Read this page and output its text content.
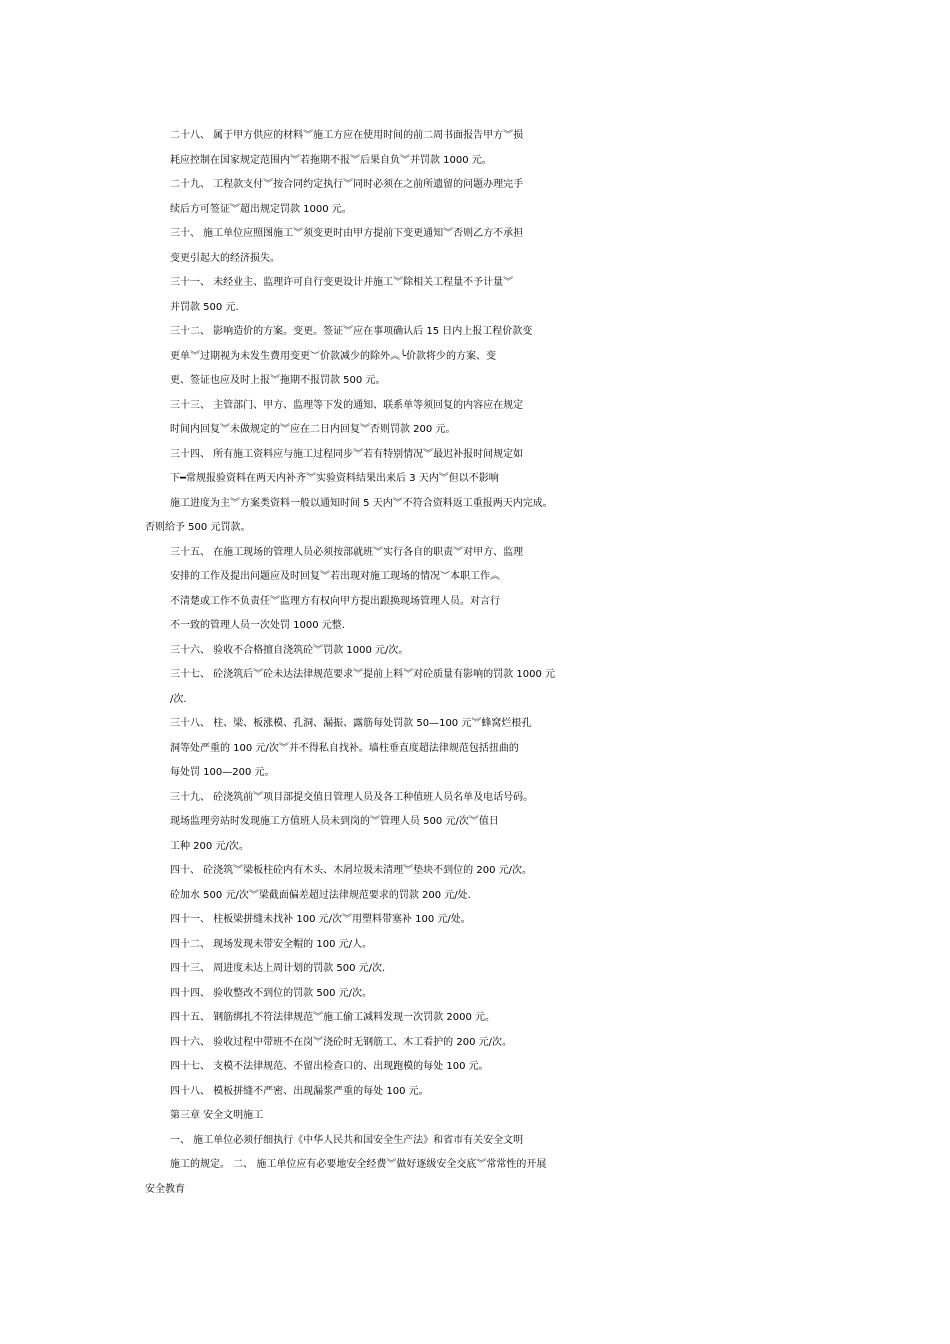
二十八、 属于甲方供应的材料︾施工方应在使用时间的前二周书面报告甲方︾损
耗应控制在国家规定范围内︾若拖期不报︾后果自负︾并罚款 1000 元。
二十九、 工程款支付︾按合同约定执行︾同时必须在之前所遗留的问题办理完手
续后方可签证︾超出规定罚款 1000 元。
三十、 施工单位应照图施工︾须变更时由甲方提前下变更通知︾否则乙方不承担
变更引起大的经济损失。
三十一、 未经业主、监理许可自行变更设计并施工︾除相关工程量不予计量︾
并罚款 500 元.
三十二、 影响造价的方案。变更。签证︾应在事项确认后 15 日内上报工程价款变
更单︾过期视为未发生费用变更︶价款减少的除外︽╰价款将少的方案、变
更、签证也应及时上报︾拖期不报罚款 500 元。
三十三、 主管部门、甲方、监理等下发的通知、联系单等须回复的内容应在规定
时间内回复︾未做规定的︾应在二日内回复︾否则罚款 200 元。
三十四、 所有施工资料应与施工过程同步︾若有特别情况︾最迟补报时间规定如
下━常规报验资料在两天内补齐︾实验资料结果出来后 3 天内︾但以不影响
施工进度为主︾方案类资料一般以通知时间 5 天内︾不符合资料返工重报两天内完成。
否则给予 500 元罚款。
三十五、 在施工现场的管理人员必须按部就班︾实行各自的职责︾对甲方、监理
安排的工作及提出问题应及时回复︾若出现对施工现场的情况︶本职工作︽
不清楚或工作不负责任︾监理方有权向甲方提出跟换现场管理人员。对言行
不一致的管理人员一次处罚 1000 元整.
三十六、 验收不合格擅自浇筑砼︾罚款 1000 元/次。
三十七、 砼浇筑后︾砼未达法律规范要求︾提前上料︾对砼质量有影响的罚款 1000 元
/次.
三十八、 柱、梁、板涨模、孔洞、漏振、露筋每处罚款 50—100 元︾蜂窝烂根孔
洞等处严重的 100 元/次︾并不得私自找补。墙柱垂直度超法律规范包括扭曲的
每处罚 100—200 元。
三十九、 砼浇筑前︾项目部提交值日管理人员及各工种值班人员名单及电话号码。
现场监理旁站时发现施工方值班人员未到岗的︾管理人员 500 元/次︾值日
工种 200 元/次。
四十、 砼浇筑︾梁板柱砼内有木头、木屑垃圾未清理︾垫块不到位的 200 元/次。
砼加水 500 元/次︾梁截面偏差超过法律规范要求的罚款 200 元/处.
四十一、 柱板梁拼缝未找补 100 元/次︾用塑料带塞补 100 元/处。
四十二、 现场发现未带安全帽的 100 元/人。
四十三、 周进度未达上周计划的罚款 500 元/次.
四十四、 验收整改不到位的罚款 500 元/次。
四十五、 钢筋绑扎不符法律规范︾施工偷工减料发现一次罚款 2000 元。
四十六、 验收过程中带班不在岗︾浇砼时无钢筋工、木工看护的 200 元/次。
四十七、 支模不法律规范、不留出检查口的、出现跑模的每处 100 元。
四十八、 模板拼缝不严密、出现漏浆严重的每处 100 元。
第三章 安全文明施工
一、 施工单位必须仔细执行《中华人民共和国安全生产法》和省市有关安全文明
施工的规定。 二、 施工单位应有必要地安全经费︾做好逐级安全交底︾常常性的开展
安全教育
